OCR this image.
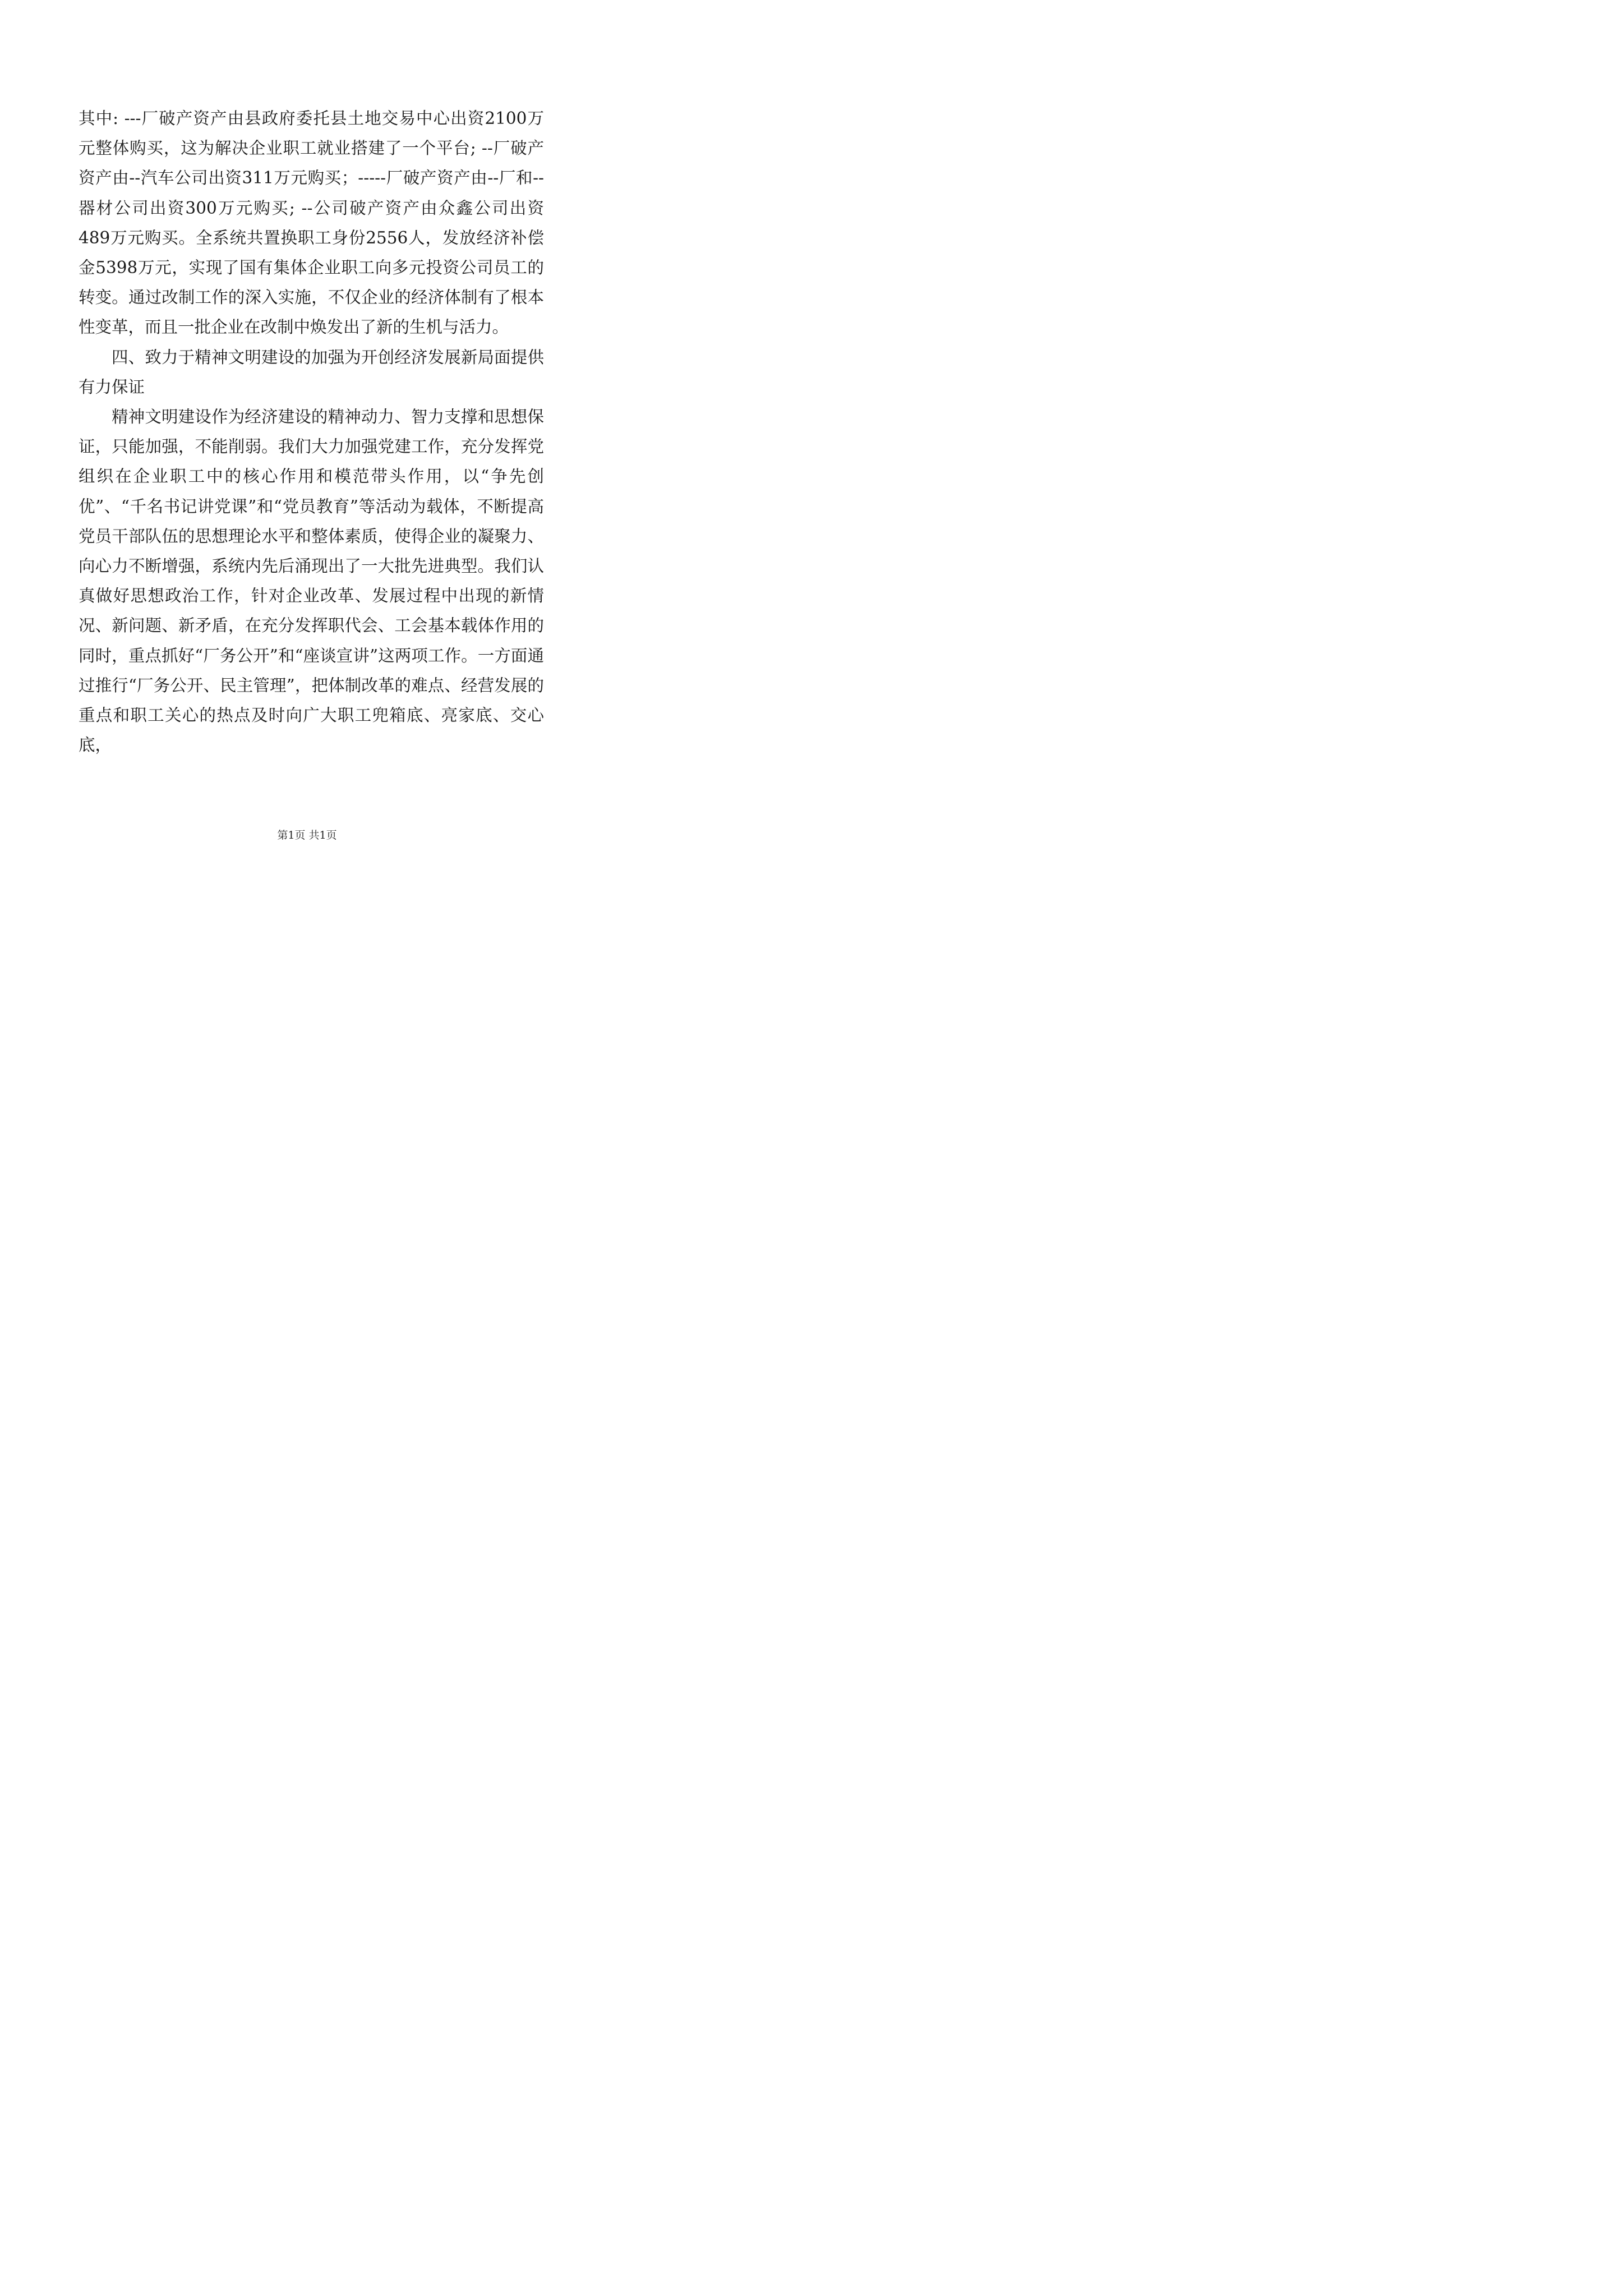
其中: ---厂破产资产由县政府委托县土地交易中心出资2100万元整体购买，这为解决企业职工就业搭建了一个平台; --厂破产资产由--汽车公司出资311万元购买；-----厂破产资产由--厂和--器材公司出资300万元购买; --公司破产资产由众鑫公司出资489万元购买。全系统共置换职工身份2556人，发放经济补偿金5398万元，实现了国有集体企业职工向多元投资公司员工的转变。通过改制工作的深入实施，不仅企业的经济体制有了根本性变革，而且一批企业在改制中焕发出了新的生机与活力。

四、致力于精神文明建设的加强为开创经济发展新局面提供有力保证

精神文明建设作为经济建设的精神动力、智力支撑和思想保证，只能加强，不能削弱。我们大力加强党建工作，充分发挥党组织在企业职工中的核心作用和模范带头作用，以“争先创优”、“千名书记讲党课”和“党员教育”等活动为载体，不断提高党员干部队伍的思想理论水平和整体素质，使得企业的凝聚力、向心力不断增强，系统内先后涌现出了一大批先进典型。我们认真做好思想政治工作，针对企业改革、发展过程中出现的新情况、新问题、新矛盾，在充分发挥职代会、工会基本载体作用的同时，重点抓好“厂务公开”和“座谈宣讲”这两项工作。一方面通过推行“厂务公开、民主管理”，把体制改革的难点、经营发展的重点和职工关心的热点及时向广大职工兜箱底、亮家底、交心底，

第1页 共1页
